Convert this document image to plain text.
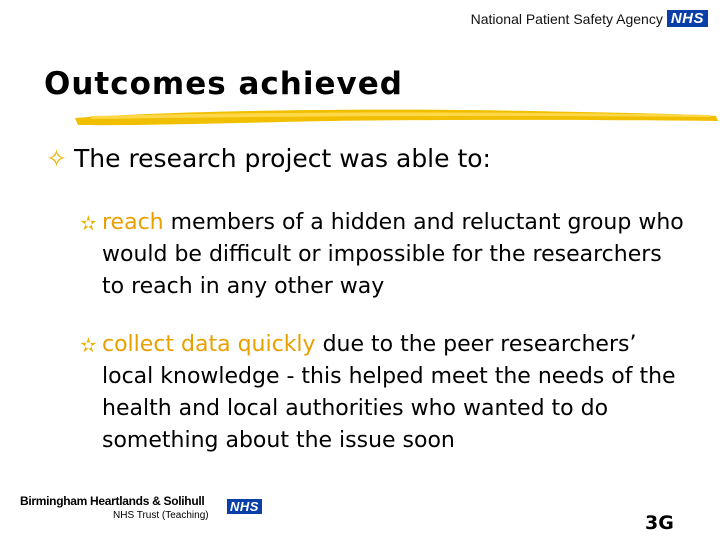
National Patient Safety Agency NHS
Outcomes achieved
✧ The research project was able to:
✫ reach members of a hidden and reluctant group who would be difficult or impossible for the researchers to reach in any other way
✫ collect data quickly due to the peer researchers’ local knowledge - this helped meet the needs of the health and local authorities who wanted to do something about the issue soon
Birmingham Heartlands & Solihull
NHS Trust (Teaching)
NHS
3G
